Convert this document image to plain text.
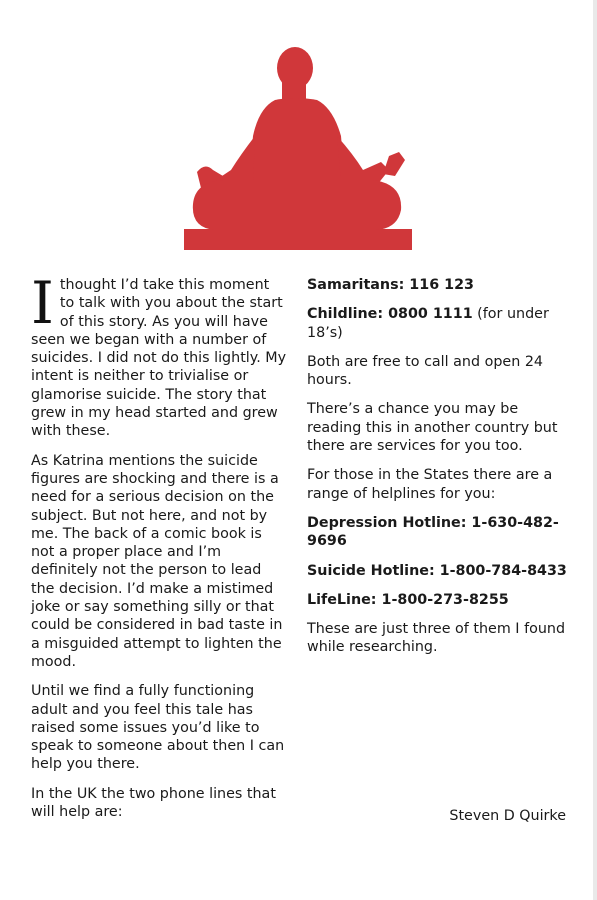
Ithought I’d take this moment to talk with you about the start of this story. As you will have seen we began with a number of suicides. I did not do this lightly. My intent is neither to trivialise or glamorise suicide. The story that grew in my head started and grew with these.

As Katrina mentions the suicide figures are shocking and there is a need for a serious decision on the subject. But not here, and not by me. The back of a comic book is not a proper place and I’m definitely not the person to lead the decision. I’d make a mistimed joke or say something silly or that could be considered in bad taste in a misguided attempt to lighten the mood.

Until we find a fully functioning adult and you feel this tale has raised some issues you’d like to speak to someone about then I can help you there.

In the UK the two phone lines that will help are:

Samaritans: 116 123

Childline: 0800 1111 (for under 18’s)

Both are free to call and open 24 hours.

There’s a chance you may be reading this in another country but there are services for you too.

For those in the States there are a range of helplines for you:

Depression Hotline: 1-630-482-9696

Suicide Hotline: 1-800-784-8433

LifeLine: 1-800-273-8255

These are just three of them I found while researching.

Steven D Quirke
